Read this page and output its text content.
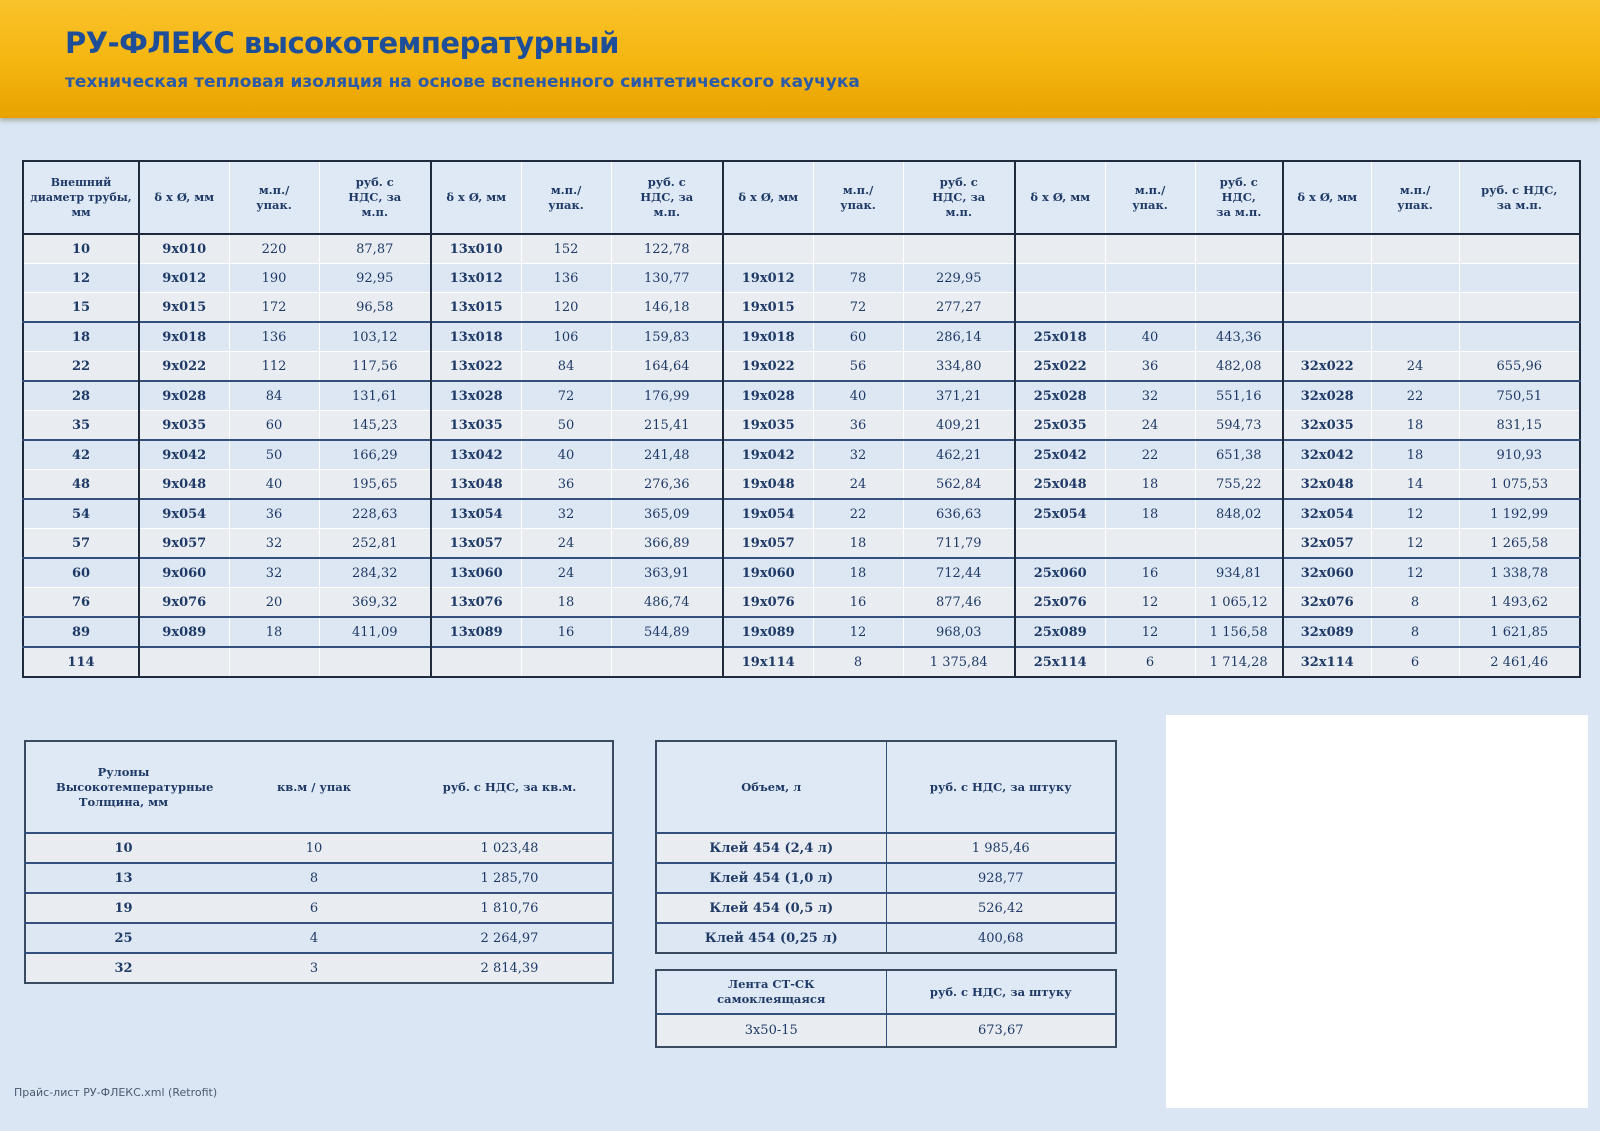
РУ-ФЛЕКС высокотемпературный
техническая тепловая изоляция на основе вспененного синтетического каучука
Внешний диаметр трубы, мм	δ х Ø, мм	м.п./ упак.	руб. с НДС, за м.п.	δ х Ø, мм	м.п./ упак.	руб. с НДС, за м.п.	δ х Ø, мм	м.п./ упак.	руб. с НДС, за м.п.	δ х Ø, мм	м.п./ упак.	руб. с НДС, за м.п.	δ х Ø, мм	м.п./ упак.	руб. с НДС, за м.п.
10	9х010	220	87,87	13х010	152	122,78									
12	9х012	190	92,95	13х012	136	130,77	19х012	78	229,95						
15	9х015	172	96,58	13х015	120	146,18	19х015	72	277,27						
18	9х018	136	103,12	13х018	106	159,83	19х018	60	286,14	25х018	40	443,36			
22	9х022	112	117,56	13х022	84	164,64	19х022	56	334,80	25х022	36	482,08	32х022	24	655,96
28	9х028	84	131,61	13х028	72	176,99	19х028	40	371,21	25х028	32	551,16	32х028	22	750,51
35	9х035	60	145,23	13х035	50	215,41	19х035	36	409,21	25х035	24	594,73	32х035	18	831,15
42	9х042	50	166,29	13х042	40	241,48	19х042	32	462,21	25х042	22	651,38	32х042	18	910,93
48	9х048	40	195,65	13х048	36	276,36	19х048	24	562,84	25х048	18	755,22	32х048	14	1 075,53
54	9х054	36	228,63	13х054	32	365,09	19х054	22	636,63	25х054	18	848,02	32х054	12	1 192,99
57	9х057	32	252,81	13х057	24	366,89	19х057	18	711,79				32х057	12	1 265,58
60	9х060	32	284,32	13х060	24	363,91	19х060	18	712,44	25х060	16	934,81	32х060	12	1 338,78
76	9х076	20	369,32	13х076	18	486,74	19х076	16	877,46	25х076	12	1 065,12	32х076	8	1 493,62
89	9х089	18	411,09	13х089	16	544,89	19х089	12	968,03	25х089	12	1 156,58	32х089	8	1 621,85
114							19х114	8	1 375,84	25х114	6	1 714,28	32х114	6	2 461,46
Рулоны Высокотемпературные Толщина, мм	кв.м / упак	руб. с НДС, за кв.м.
10	10	1 023,48
13	8	1 285,70
19	6	1 810,76
25	4	2 264,97
32	3	2 814,39
Объем, л	руб. с НДС, за штуку
Клей 454 (2,4 л)	1 985,46
Клей 454 (1,0 л)	928,77
Клей 454 (0,5 л)	526,42
Клей 454 (0,25 л)	400,68
Лента СТ-СК самоклеящаяся	руб. с НДС, за штуку
3х50-15	673,67
Прайс-лист РУ-ФЛЕКС.xml (Retrofit)
